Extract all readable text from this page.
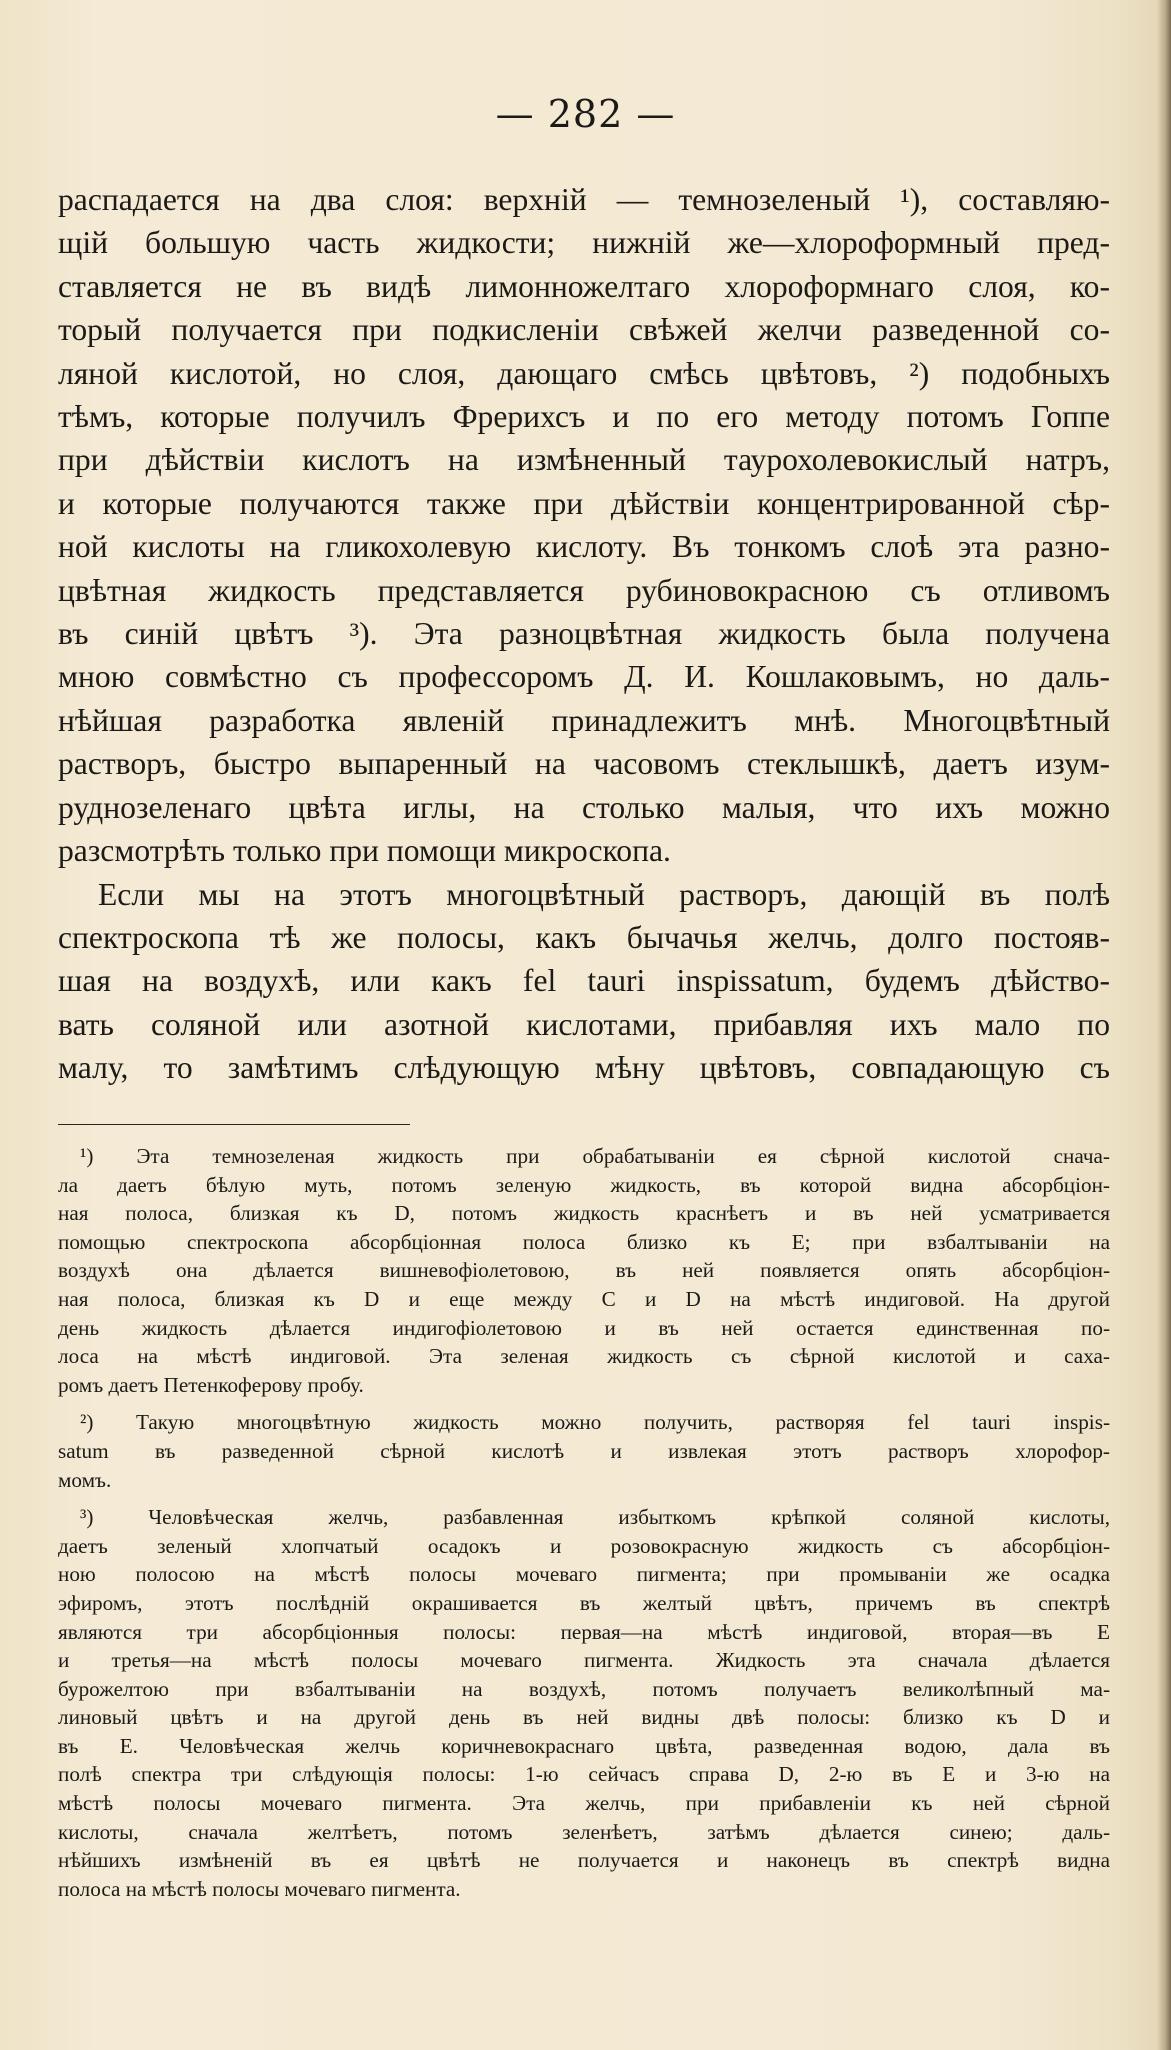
— 282 —
распадается на два слоя: верхній — темнозеленый ¹), составляю-
щій большую часть жидкости; нижній же—хлороформный пред-
ставляется не въ видѣ лимонножелтаго хлороформнаго слоя, ко-
торый получается при подкисленіи свѣжей желчи разведенной со-
ляной кислотой, но слоя, дающаго смѣсь цвѣтовъ, ²) подобныхъ
тѣмъ, которые получилъ Фрерихсъ и по его методу потомъ Гоппе
при дѣйствіи кислотъ на измѣненный таурохолевокислый натръ,
и которые получаются также при дѣйствіи концентрированной сѣр-
ной кислоты на гликохолевую кислоту. Въ тонкомъ слоѣ эта разно-
цвѣтная жидкость представляется рубиновокрасною съ отливомъ
въ синій цвѣтъ ³). Эта разноцвѣтная жидкость была получена
мною совмѣстно съ профессоромъ Д. И. Кошлаковымъ, но даль-
нѣйшая разработка явленій принадлежитъ мнѣ. Многоцвѣтный
растворъ, быстро выпаренный на часовомъ стеклышкѣ, даетъ изум-
руднозеленаго цвѣта иглы, на столько малыя, что ихъ можно
разсмотрѣть только при помощи микроскопа.
Если мы на этотъ многоцвѣтный растворъ, дающій въ полѣ
спектроскопа тѣ же полосы, какъ бычачья желчь, долго постояв-
шая на воздухѣ, или какъ fel tauri inspissatum, будемъ дѣйство-
вать соляной или азотной кислотами, прибавляя ихъ мало по
малу, то замѣтимъ слѣдующую мѣну цвѣтовъ, совпадающую съ
¹) Эта темнозеленая жидкость при обрабатываніи ея сѣрной кислотой снача-
ла даетъ бѣлую муть, потомъ зеленую жидкость, въ которой видна абсорбціон-
ная полоса, близкая къ D, потомъ жидкость краснѣетъ и въ ней усматривается
помощью спектроскопа абсорбціонная полоса близко къ E; при взбалтываніи на
воздухѣ она дѣлается вишневофіолетовою, въ ней появляется опять абсорбціон-
ная полоса, близкая къ D и еще между C и D на мѣстѣ индиговой. На другой
день жидкость дѣлается индигофіолетовою и въ ней остается единственная по-
лоса на мѣстѣ индиговой. Эта зеленая жидкость съ сѣрной кислотой и саха-
ромъ даетъ Петенкоферову пробу.
²) Такую многоцвѣтную жидкость можно получить, растворяя fel tauri inspis-
satum въ разведенной сѣрной кислотѣ и извлекая этотъ растворъ хлорофор-
момъ.
³) Человѣческая желчь, разбавленная избыткомъ крѣпкой соляной кислоты,
даетъ зеленый хлопчатый осадокъ и розовокрасную жидкость съ абсорбціон-
ною полосою на мѣстѣ полосы мочеваго пигмента; при промываніи же осадка
эфиромъ, этотъ послѣдній окрашивается въ желтый цвѣтъ, причемъ въ спектрѣ
являются три абсорбціонныя полосы: первая—на мѣстѣ индиговой, вторая—въ E
и третья—на мѣстѣ полосы мочеваго пигмента. Жидкость эта сначала дѣлается
бурожелтою при взбалтываніи на воздухѣ, потомъ получаетъ великолѣпный ма-
линовый цвѣтъ и на другой день въ ней видны двѣ полосы: близко къ D и
въ E. Человѣческая желчь коричневокраснаго цвѣта, разведенная водою, дала въ
полѣ спектра три слѣдующія полосы: 1-ю сейчасъ справа D, 2-ю въ E и 3-ю на
мѣстѣ полосы мочеваго пигмента. Эта желчь, при прибавленіи къ ней сѣрной
кислоты, сначала желтѣетъ, потомъ зеленѣетъ, затѣмъ дѣлается синею; даль-
нѣйшихъ измѣненій въ ея цвѣтѣ не получается и наконецъ въ спектрѣ видна
полоса на мѣстѣ полосы мочеваго пигмента.
